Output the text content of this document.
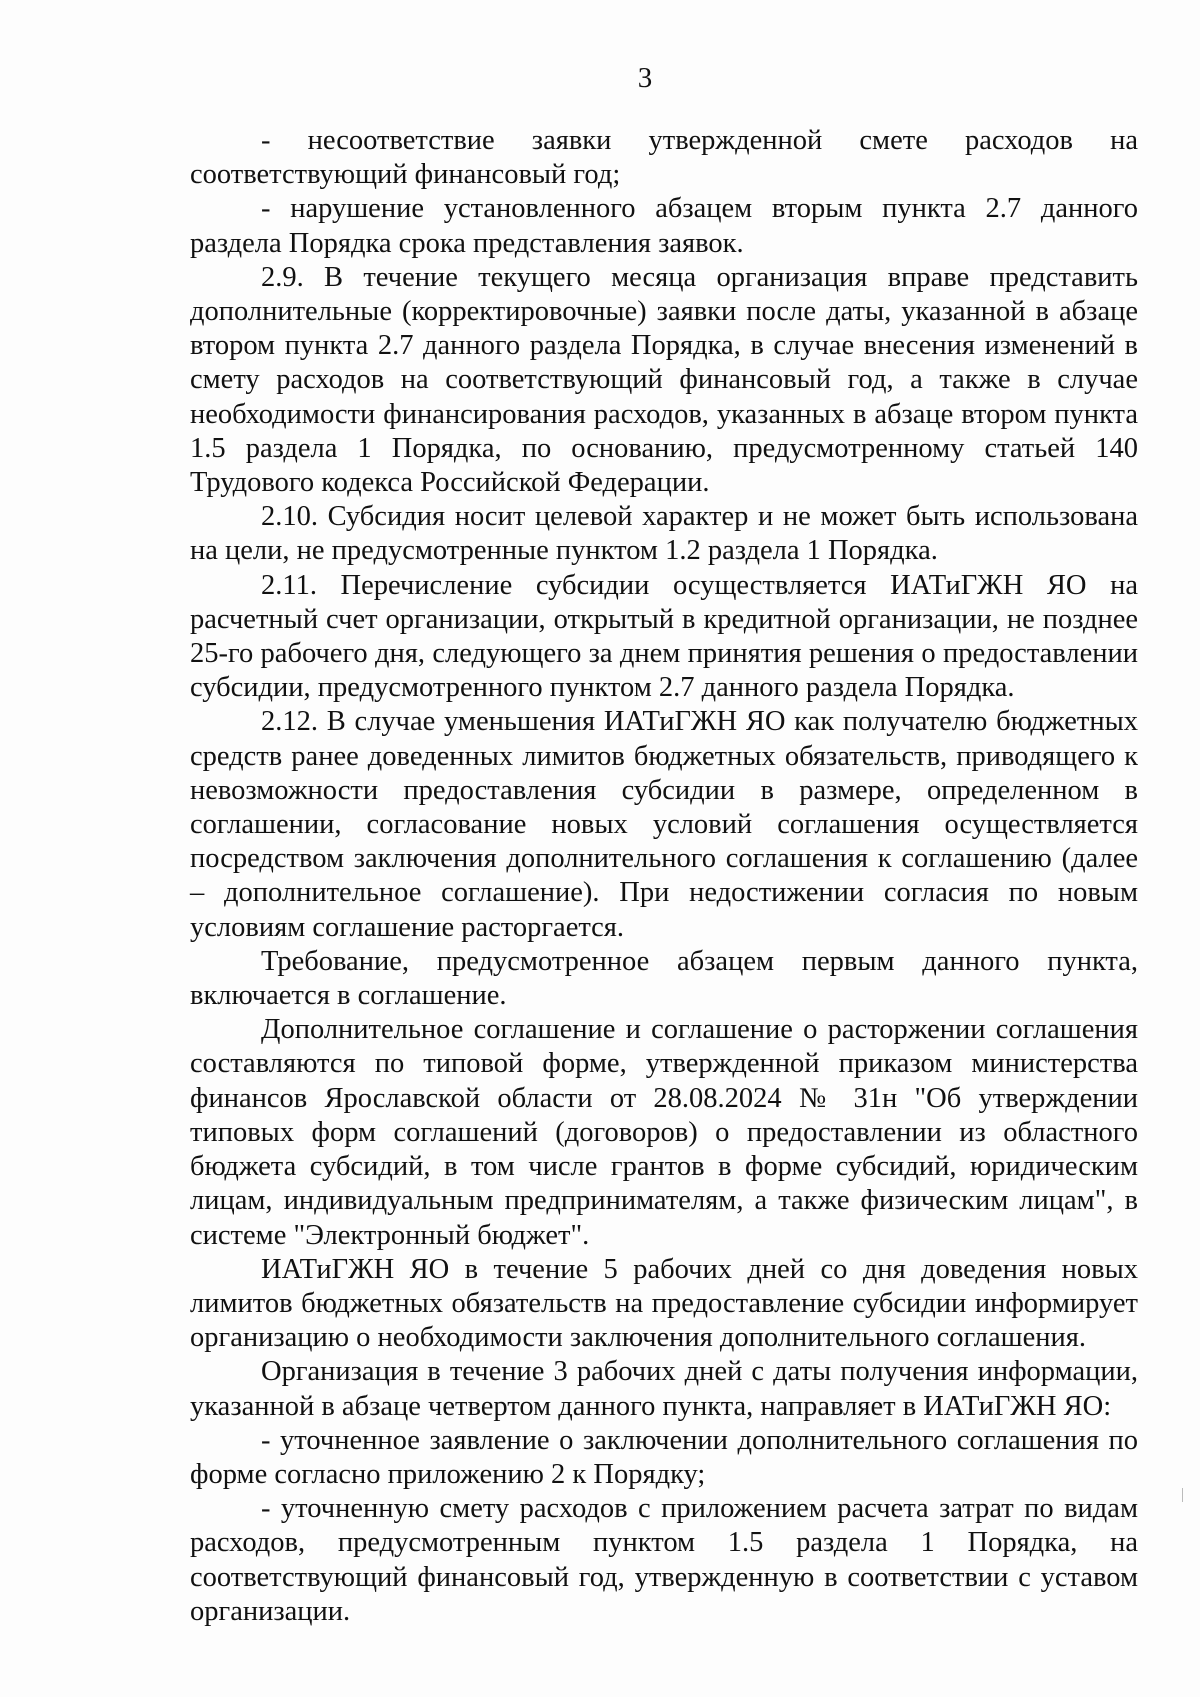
3

- несоответствие заявки утвержденной смете расходов на соответствующий финансовый год;

- нарушение установленного абзацем вторым пункта 2.7 данного раздела Порядка срока представления заявок.

2.9. В течение текущего месяца организация вправе представить дополнительные (корректировочные) заявки после даты, указанной в абзаце втором пункта 2.7 данного раздела Порядка, в случае внесения изменений в смету расходов на соответствующий финансовый год, а также в случае необходимости финансирования расходов, указанных в абзаце втором пункта 1.5 раздела 1 Порядка, по основанию, предусмотренному статьей 140 Трудового кодекса Российской Федерации.

2.10. Субсидия носит целевой характер и не может быть использована на цели, не предусмотренные пунктом 1.2 раздела 1 Порядка.

2.11. Перечисление субсидии осуществляется ИАТиГЖН ЯО на расчетный счет организации, открытый в кредитной организации, не позднее 25-го рабочего дня, следующего за днем принятия решения о предоставлении субсидии, предусмотренного пунктом 2.7 данного раздела Порядка.

2.12. В случае уменьшения ИАТиГЖН ЯО как получателю бюджетных средств ранее доведенных лимитов бюджетных обязательств, приводящего к невозможности предоставления субсидии в размере, определенном в соглашении, согласование новых условий соглашения осуществляется посредством заключения дополнительного соглашения к соглашению (далее – дополнительное соглашение). При недостижении согласия по новым условиям соглашение расторгается.

Требование, предусмотренное абзацем первым данного пункта, включается в соглашение.

Дополнительное соглашение и соглашение о расторжении соглашения составляются по типовой форме, утвержденной приказом министерства финансов Ярославской области от 28.08.2024 № 31н "Об утверждении типовых форм соглашений (договоров) о предоставлении из областного бюджета субсидий, в том числе грантов в форме субсидий, юридическим лицам, индивидуальным предпринимателям, а также физическим лицам", в системе "Электронный бюджет".

ИАТиГЖН ЯО в течение 5 рабочих дней со дня доведения новых лимитов бюджетных обязательств на предоставление субсидии информирует организацию о необходимости заключения дополнительного соглашения.

Организация в течение 3 рабочих дней с даты получения информации, указанной в абзаце четвертом данного пункта, направляет в ИАТиГЖН ЯО:

- уточненное заявление о заключении дополнительного соглашения по форме согласно приложению 2 к Порядку;

- уточненную смету расходов с приложением расчета затрат по видам расходов, предусмотренным пунктом 1.5 раздела 1 Порядка, на соответствующий финансовый год, утвержденную в соответствии с уставом организации.
